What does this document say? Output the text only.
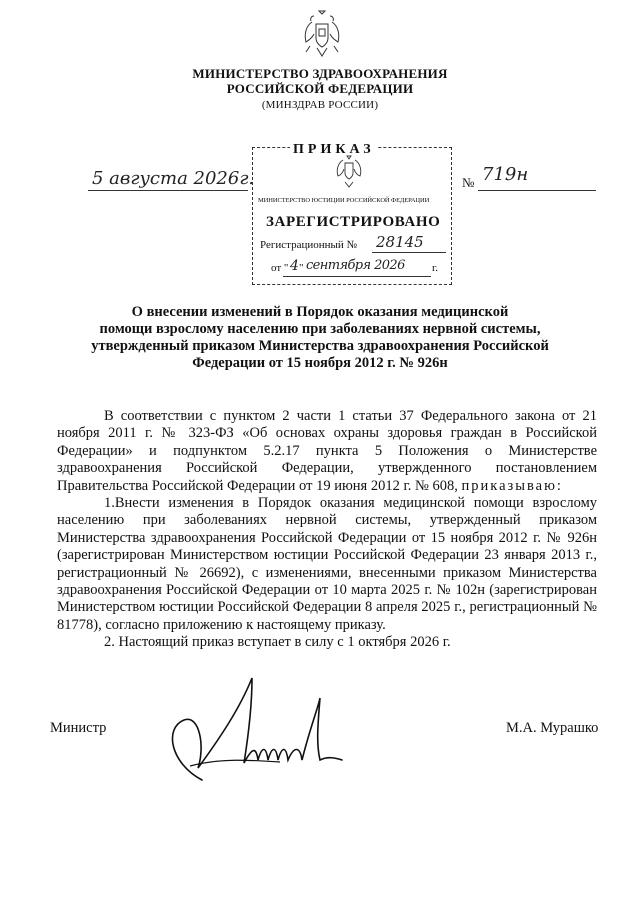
МИНИСТЕРСТВО ЗДРАВООХРАНЕНИЯ
РОССИЙСКОЙ ФЕДЕРАЦИИ
(МИНЗДРАВ РОССИИ)
5 августа 2026г.	№ 719н
ПРИКАЗ
МИНИСТЕРСТВО ЮСТИЦИИ РОССИЙСКОЙ ФЕДЕРАЦИИ
ЗАРЕГИСТРИРОВАНО
Регистрационный № 28145
от " 4 " сентября 2026 г.
О внесении изменений в Порядок оказания медицинской
помощи взрослому населению при заболеваниях нервной системы,
утвержденный приказом Министерства здравоохранения Российской
Федерации от 15 ноября 2012 г. № 926н

В соответствии с пунктом 2 части 1 статьи 37 Федерального закона от 21 ноября 2011 г. № 323-ФЗ «Об основах охраны здоровья граждан в Российской Федерации» и подпунктом 5.2.17 пункта 5 Положения о Министерстве здравоохранения Российской Федерации, утвержденного постановлением Правительства Российской Федерации от 19 июня 2012 г. № 608, приказываю:

1.Внести изменения в Порядок оказания медицинской помощи взрослому населению при заболеваниях нервной системы, утвержденный приказом Министерства здравоохранения Российской Федерации от 15 ноября 2012 г. № 926н (зарегистрирован Министерством юстиции Российской Федерации 23 января 2013 г., регистрационный № 26692), с изменениями, внесенными приказом Министерства здравоохранения Российской Федерации от 10 марта 2025 г. № 102н (зарегистрирован Министерством юстиции Российской Федерации 8 апреля 2025 г., регистрационный № 81778), согласно приложению к настоящему приказу.

2. Настоящий приказ вступает в силу с 1 октября 2026 г.

Министр	М.А. Мурашко
